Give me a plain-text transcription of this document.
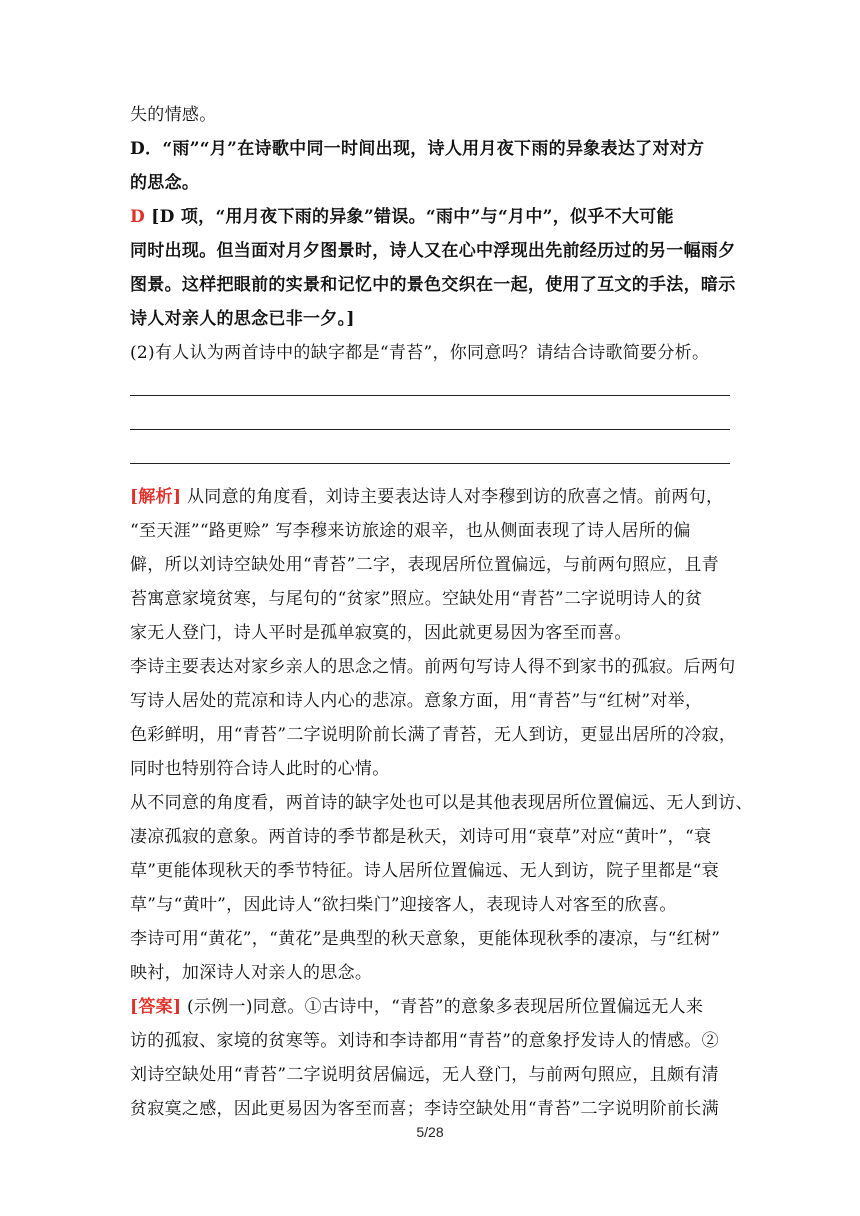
失的情感。
D．“雨”“月”在诗歌中同一时间出现，诗人用月夜下雨的异象表达了对对方
的思念。
D [D 项，“用月夜下雨的异象”错误。“雨中”与“月中”，似乎不大可能
同时出现。但当面对月夕图景时，诗人又在心中浮现出先前经历过的另一幅雨夕
图景。这样把眼前的实景和记忆中的景色交织在一起，使用了互文的手法，暗示
诗人对亲人的思念已非一夕。]
(2)有人认为两首诗中的缺字都是“青苔”，你同意吗？请结合诗歌简要分析。
[解析] 从同意的角度看，刘诗主要表达诗人对李穆到访的欣喜之情。前两句，
“至天涯”“路更赊” 写李穆来访旅途的艰辛，也从侧面表现了诗人居所的偏
僻，所以刘诗空缺处用“青苔”二字，表现居所位置偏远，与前两句照应，且青
苔寓意家境贫寒，与尾句的“贫家”照应。空缺处用“青苔”二字说明诗人的贫
家无人登门，诗人平时是孤单寂寞的，因此就更易因为客至而喜。
李诗主要表达对家乡亲人的思念之情。前两句写诗人得不到家书的孤寂。后两句
写诗人居处的荒凉和诗人内心的悲凉。意象方面，用“青苔”与“红树”对举，
色彩鲜明，用“青苔”二字说明阶前长满了青苔，无人到访，更显出居所的冷寂，
同时也特别符合诗人此时的心情。
从不同意的角度看，两首诗的缺字处也可以是其他表现居所位置偏远、无人到访、
凄凉孤寂的意象。两首诗的季节都是秋天，刘诗可用“衰草”对应“黄叶”，“衰
草”更能体现秋天的季节特征。诗人居所位置偏远、无人到访，院子里都是“衰
草”与“黄叶”，因此诗人“欲扫柴门”迎接客人，表现诗人对客至的欣喜。
李诗可用“黄花”，“黄花”是典型的秋天意象，更能体现秋季的凄凉，与“红树”
映衬，加深诗人对亲人的思念。
[答案] (示例一)同意。①古诗中，“青苔”的意象多表现居所位置偏远无人来
访的孤寂、家境的贫寒等。刘诗和李诗都用“青苔”的意象抒发诗人的情感。②
刘诗空缺处用“青苔”二字说明贫居偏远，无人登门，与前两句照应，且颇有清
贫寂寞之感，因此更易因为客至而喜；李诗空缺处用“青苔”二字说明阶前长满
5/28
